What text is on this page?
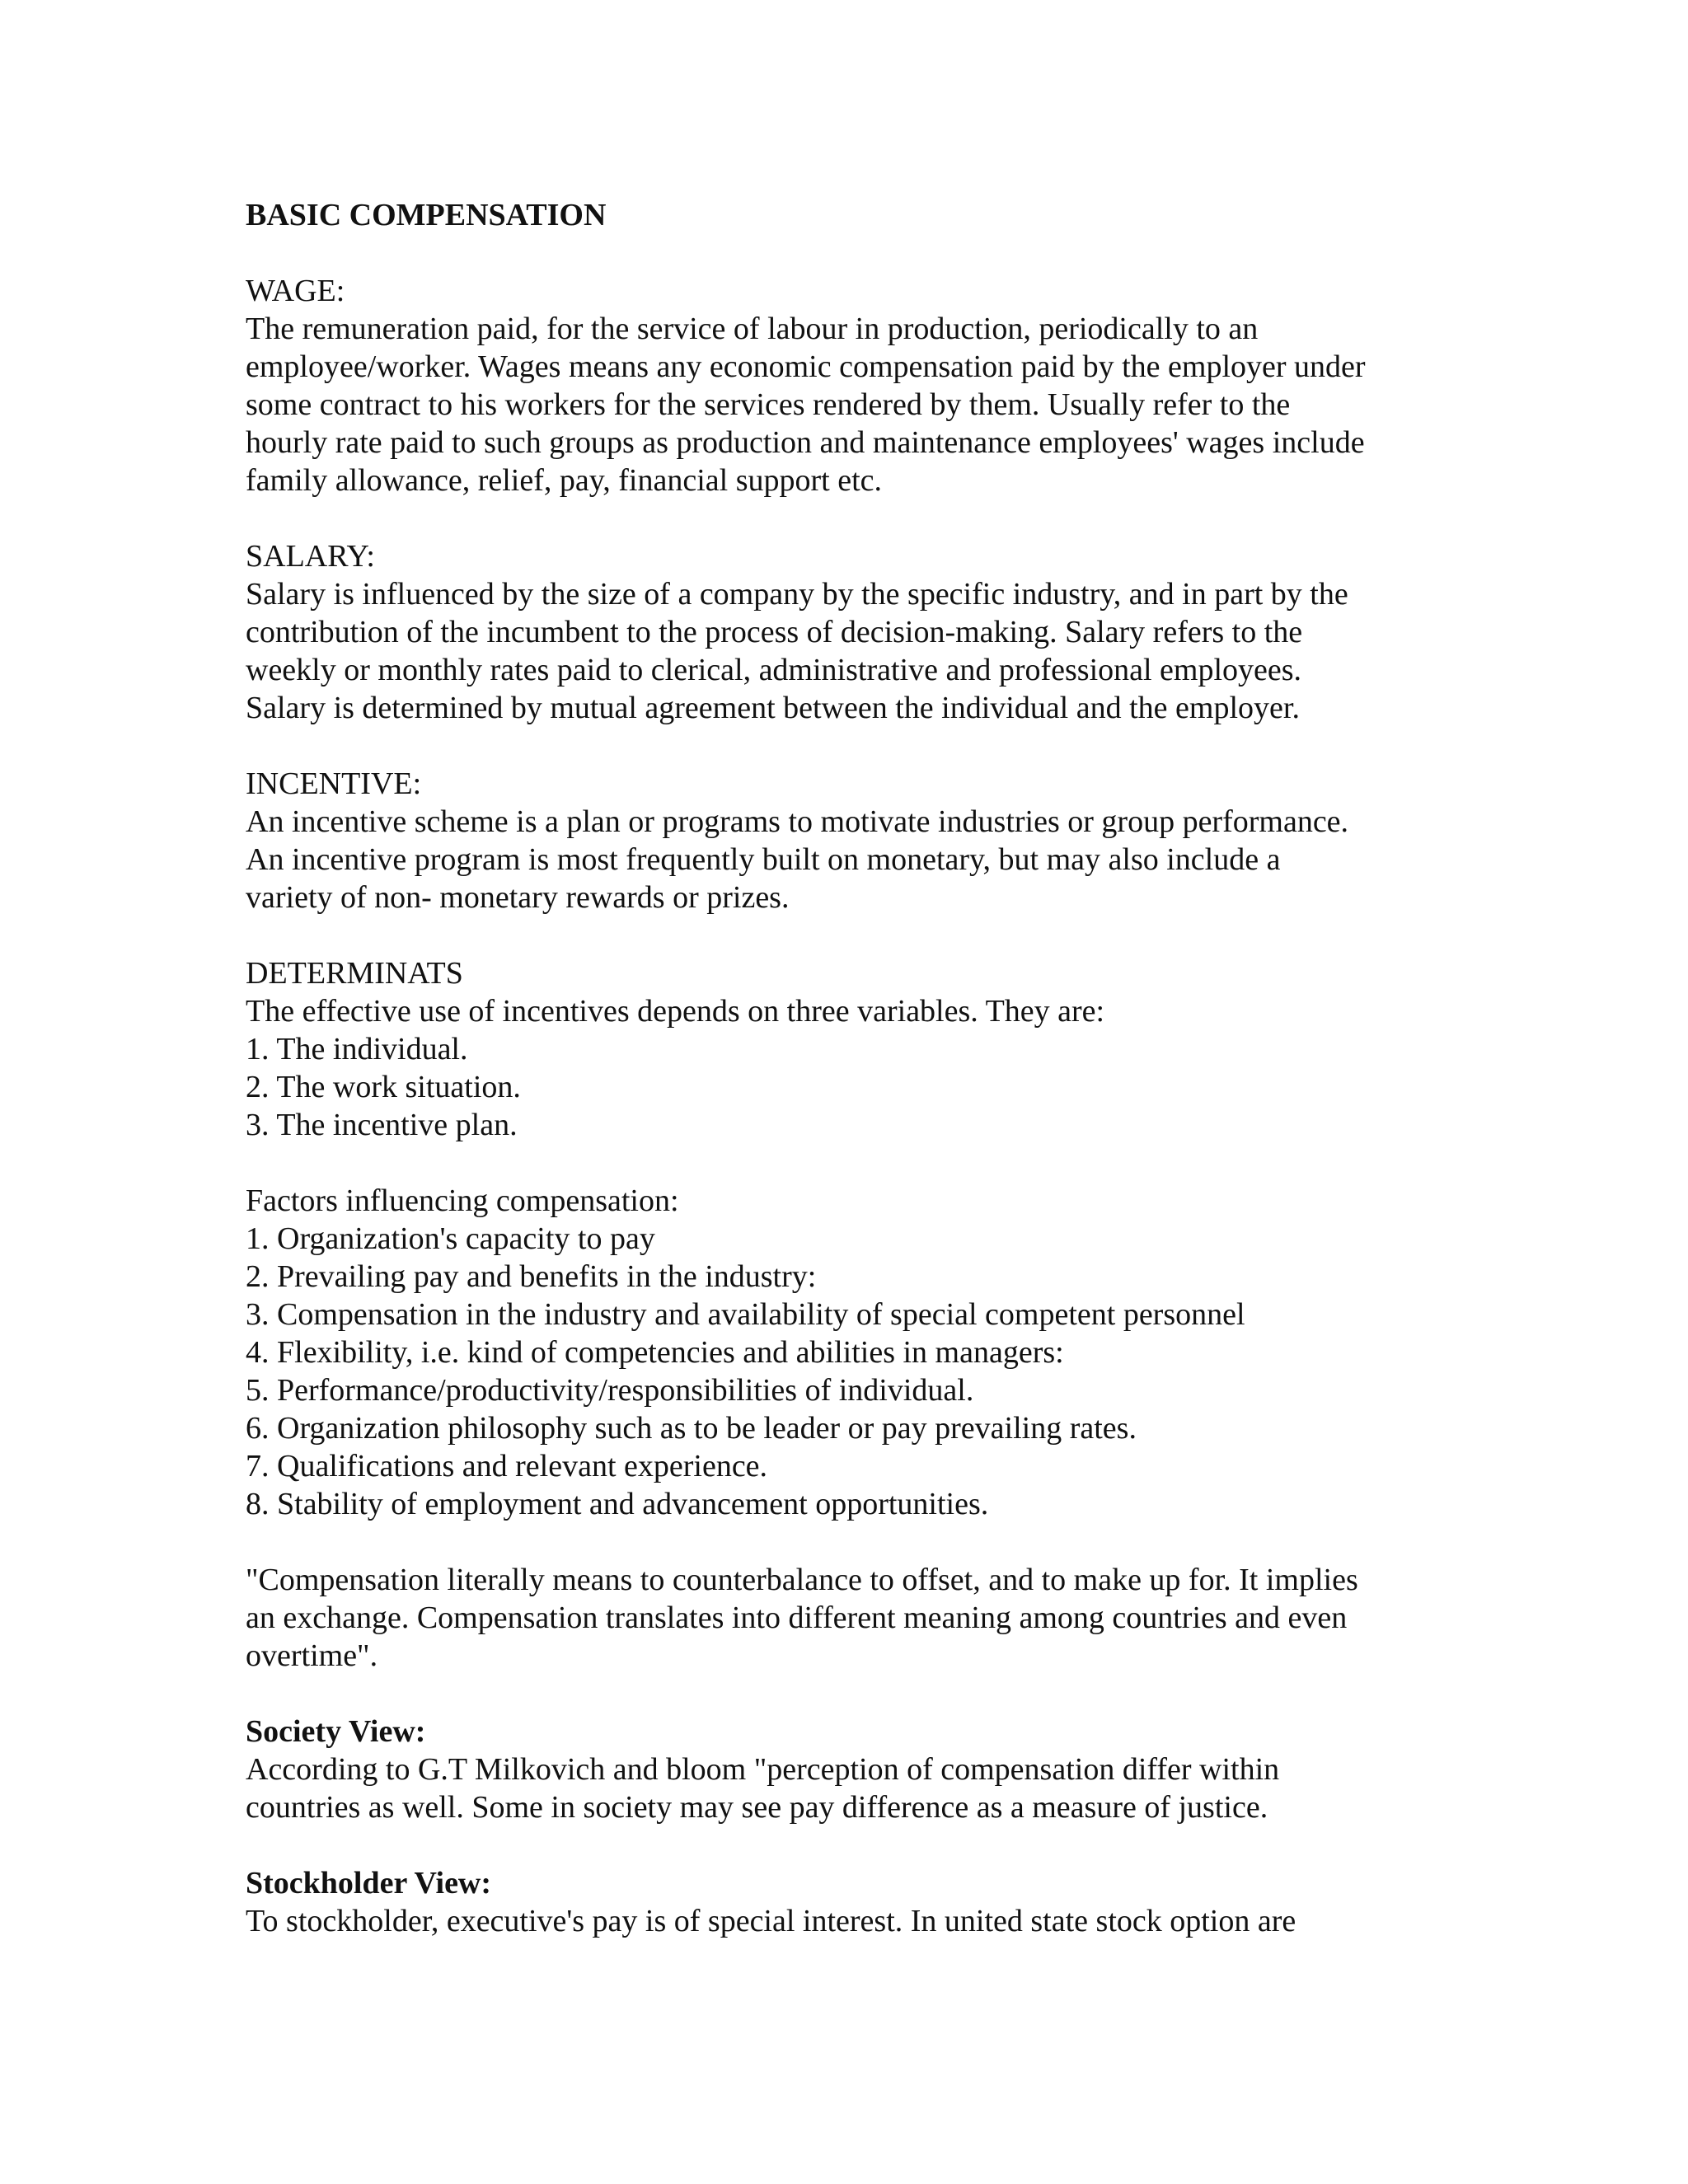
BASIC COMPENSATION
WAGE:
The remuneration paid, for the service of labour in production, periodically to an
employee/worker. Wages means any economic compensation paid by the employer under
some contract to his workers for the services rendered by them. Usually refer to the
hourly rate paid to such groups as production and maintenance employees' wages include
family allowance, relief, pay, financial support etc.
SALARY:
Salary is influenced by the size of a company by the specific industry, and in part by the
contribution of the incumbent to the process of decision-making. Salary refers to the
weekly or monthly rates paid to clerical, administrative and professional employees.
Salary is determined by mutual agreement between the individual and the employer.
INCENTIVE:
An incentive scheme is a plan or programs to motivate industries or group performance.
An incentive program is most frequently built on monetary, but may also include a
variety of non- monetary rewards or prizes.
DETERMINATS
The effective use of incentives depends on three variables. They are:
1. The individual.
2. The work situation.
3. The incentive plan.
Factors influencing compensation:
1. Organization's capacity to pay
2. Prevailing pay and benefits in the industry:
3. Compensation in the industry and availability of special competent personnel
4. Flexibility, i.e. kind of competencies and abilities in managers:
5. Performance/productivity/responsibilities of individual.
6. Organization philosophy such as to be leader or pay prevailing rates.
7. Qualifications and relevant experience.
8. Stability of employment and advancement opportunities.
"Compensation literally means to counterbalance to offset, and to make up for. It implies
an exchange. Compensation translates into different meaning among countries and even
overtime".
Society View:
According to G.T Milkovich and bloom "perception of compensation differ within
countries as well. Some in society may see pay difference as a measure of justice.
Stockholder View:
To stockholder, executive's pay is of special interest. In united state stock option are
